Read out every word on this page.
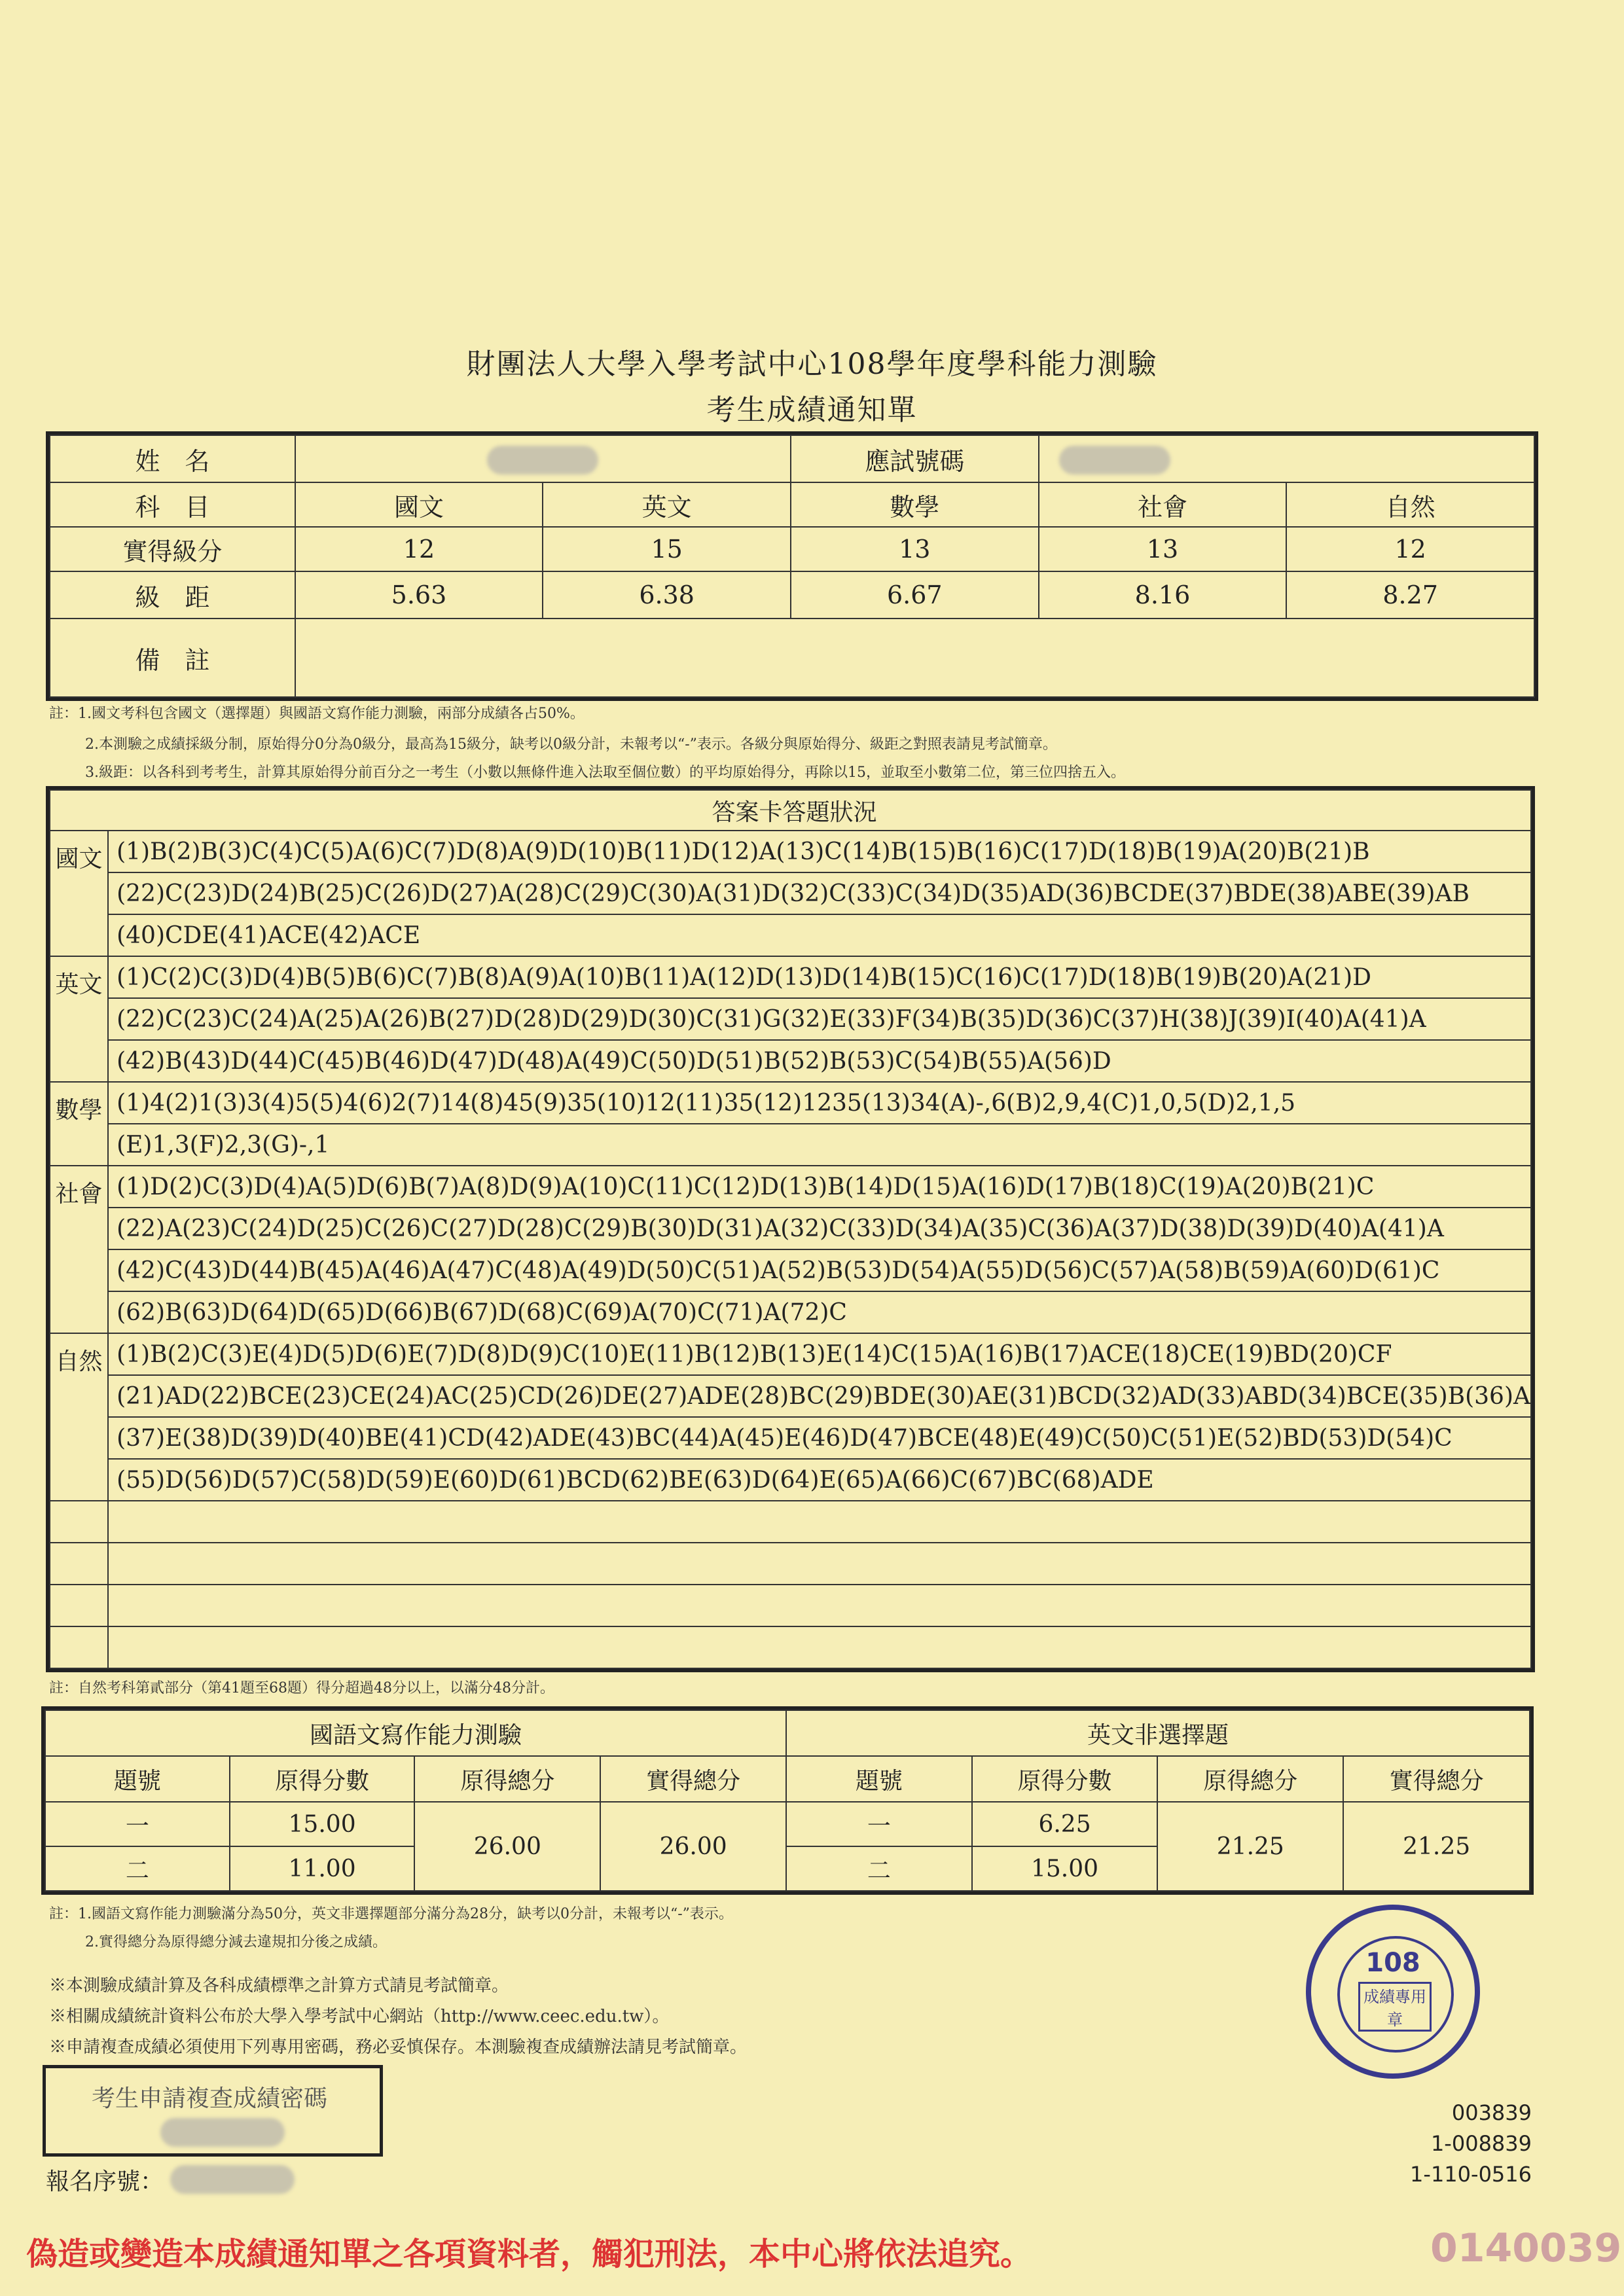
財團法人大學入學考試中心108學年度學科能力測驗
考生成績通知單
姓　名			應試號碼		
科　目	國文	英文	數學	社會	自然
實得級分	12	15	13	13	12
級　距	5.63	6.38	6.67	8.16	8.27
備　註					
註：1.國文考科包含國文（選擇題）與國語文寫作能力測驗，兩部分成績各占50%。
2.本測驗之成績採級分制，原始得分0分為0級分，最高為15級分，缺考以0級分計，未報考以“-”表示。各級分與原始得分、級距之對照表請見考試簡章。
3.級距：以各科到考考生，計算其原始得分前百分之一考生（小數以無條件進入法取至個位數）的平均原始得分，再除以15，並取至小數第二位，第三位四捨五入。
答案卡答題狀況	
國文	(1)B(2)B(3)C(4)C(5)A(6)C(7)D(8)A(9)D(10)B(11)D(12)A(13)C(14)B(15)B(16)C(17)D(18)B(19)A(20)B(21)B
	(22)C(23)D(24)B(25)C(26)D(27)A(28)C(29)C(30)A(31)D(32)C(33)C(34)D(35)AD(36)BCDE(37)BDE(38)ABE(39)AB
	(40)CDE(41)ACE(42)ACE
英文	(1)C(2)C(3)D(4)B(5)B(6)C(7)B(8)A(9)A(10)B(11)A(12)D(13)D(14)B(15)C(16)C(17)D(18)B(19)B(20)A(21)D
	(22)C(23)C(24)A(25)A(26)B(27)D(28)D(29)D(30)C(31)G(32)E(33)F(34)B(35)D(36)C(37)H(38)J(39)I(40)A(41)A
	(42)B(43)D(44)C(45)B(46)D(47)D(48)A(49)C(50)D(51)B(52)B(53)C(54)B(55)A(56)D
數學	(1)4(2)1(3)3(4)5(5)4(6)2(7)14(8)45(9)35(10)12(11)35(12)1235(13)34(A)-,6(B)2,9,4(C)1,0,5(D)2,1,5
	(E)1,3(F)2,3(G)-,1
社會	(1)D(2)C(3)D(4)A(5)D(6)B(7)A(8)D(9)A(10)C(11)C(12)D(13)B(14)D(15)A(16)D(17)B(18)C(19)A(20)B(21)C
	(22)A(23)C(24)D(25)C(26)C(27)D(28)C(29)B(30)D(31)A(32)C(33)D(34)A(35)C(36)A(37)D(38)D(39)D(40)A(41)A
	(42)C(43)D(44)B(45)A(46)A(47)C(48)A(49)D(50)C(51)A(52)B(53)D(54)A(55)D(56)C(57)A(58)B(59)A(60)D(61)C
	(62)B(63)D(64)D(65)D(66)B(67)D(68)C(69)A(70)C(71)A(72)C
自然	(1)B(2)C(3)E(4)D(5)D(6)E(7)D(8)D(9)C(10)E(11)B(12)B(13)E(14)C(15)A(16)B(17)ACE(18)CE(19)BD(20)CF
	(21)AD(22)BCE(23)CE(24)AC(25)CD(26)DE(27)ADE(28)BC(29)BDE(30)AE(31)BCD(32)AD(33)ABD(34)BCE(35)B(36)A
	(37)E(38)D(39)D(40)BE(41)CD(42)ADE(43)BC(44)A(45)E(46)D(47)BCE(48)E(49)C(50)C(51)E(52)BD(53)D(54)C
	(55)D(56)D(57)C(58)D(59)E(60)D(61)BCD(62)BE(63)D(64)E(65)A(66)C(67)BC(68)ADE

註：自然考科第貳部分（第41題至68題）得分超過48分以上，以滿分48分計。
國語文寫作能力測驗				英文非選擇題			
題號	原得分數	原得總分	實得總分	題號	原得分數	原得總分	實得總分
一	15.00	26.00	26.00	一	6.25	21.25	21.25
二	11.00			二	15.00		
註：1.國語文寫作能力測驗滿分為50分，英文非選擇題部分滿分為28分，缺考以0分計，未報考以“-”表示。
2.實得總分為原得總分減去違規扣分後之成績。
※本測驗成績計算及各科成績標準之計算方式請見考試簡章。
※相關成績統計資料公布於大學入學考試中心網站（http://www.ceec.edu.tw）。
※申請複查成績必須使用下列專用密碼，務必妥慎保存。本測驗複查成績辦法請見考試簡章。
考生申請複查成績密碼
報名序號：
108
成績專用章
003839
1-008839
1-110-0516
偽造或變造本成績通知單之各項資料者，觸犯刑法，本中心將依法追究。	0140039
